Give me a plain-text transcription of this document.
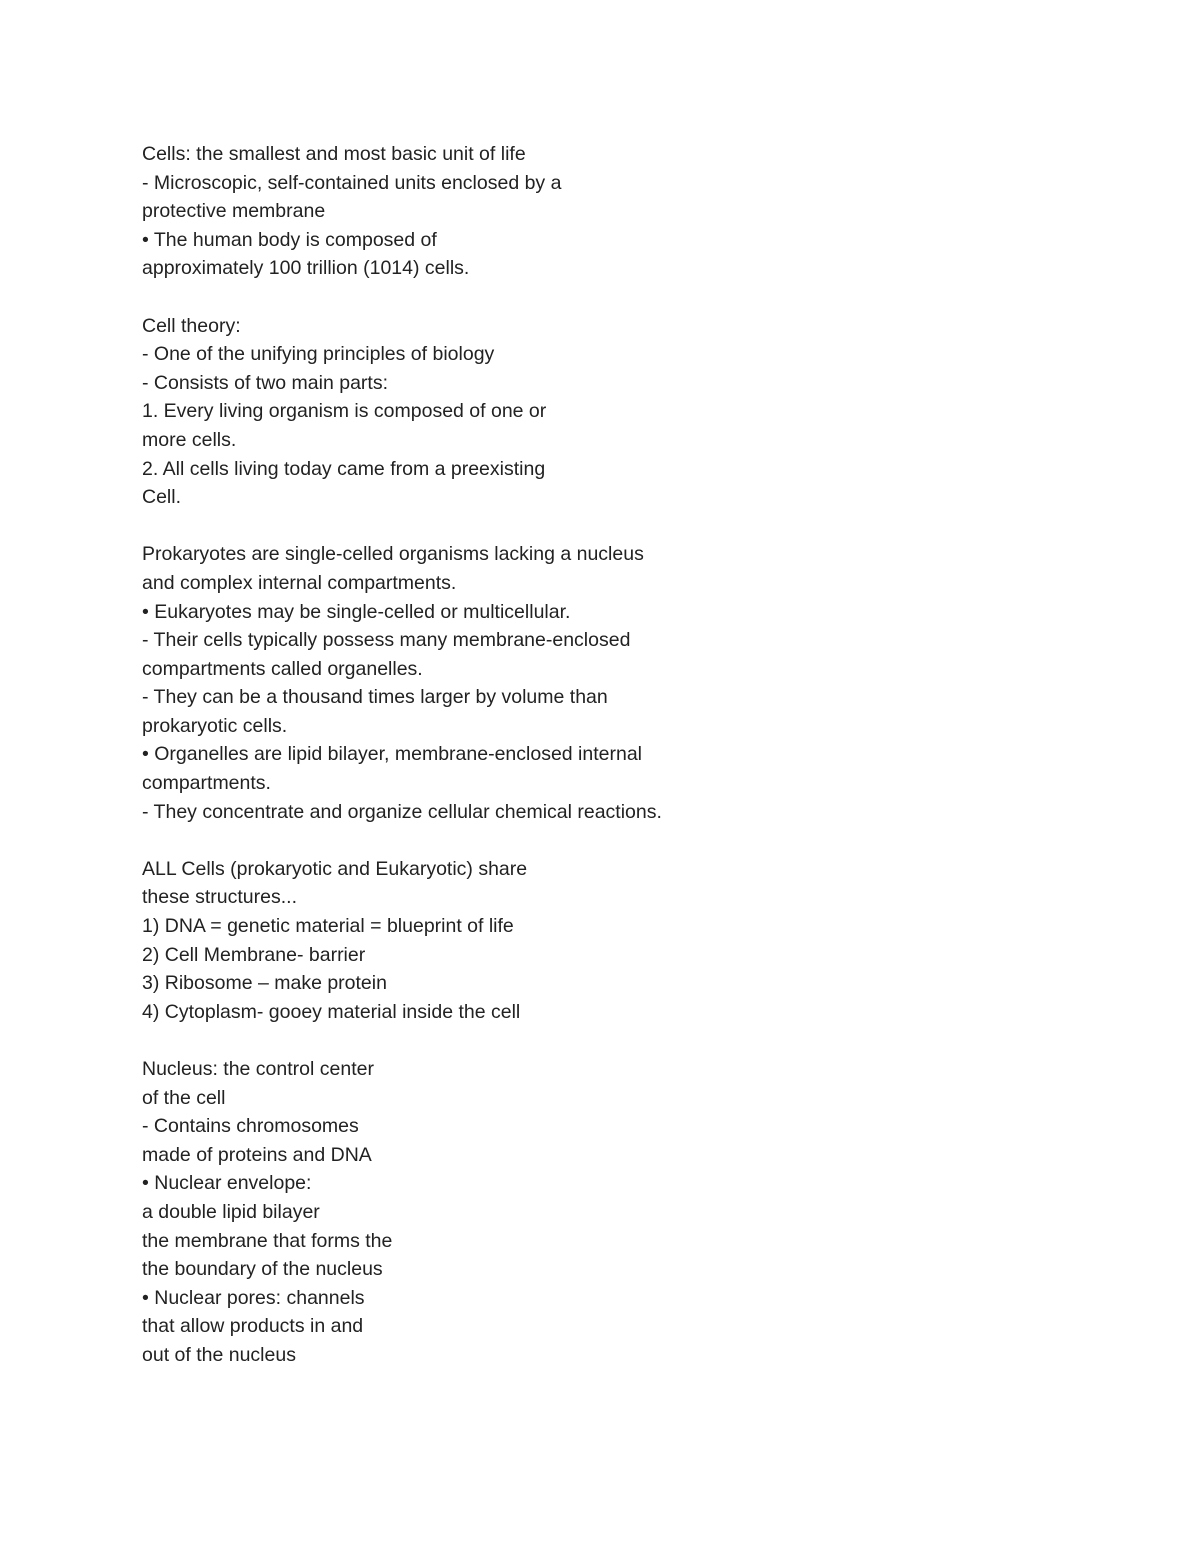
Cells: the smallest and most basic unit of life
- Microscopic, self-contained units enclosed by a
protective membrane
• The human body is composed of
approximately 100 trillion (1014) cells.
Cell theory:
- One of the unifying principles of biology
- Consists of two main parts:
1. Every living organism is composed of one or
more cells.
2. All cells living today came from a preexisting
Cell.
Prokaryotes are single-celled organisms lacking a nucleus
and complex internal compartments.
• Eukaryotes may be single-celled or multicellular.
- Their cells typically possess many membrane-enclosed
compartments called organelles.
- They can be a thousand times larger by volume than
prokaryotic cells.
• Organelles are lipid bilayer, membrane-enclosed internal
compartments.
- They concentrate and organize cellular chemical reactions.
ALL Cells (prokaryotic and Eukaryotic) share
these structures...
1) DNA = genetic material = blueprint of life
2) Cell Membrane- barrier
3) Ribosome – make protein
4) Cytoplasm- gooey material inside the cell
Nucleus: the control center
of the cell
- Contains chromosomes
made of proteins and DNA
• Nuclear envelope:
a double lipid bilayer
the membrane that forms the
the boundary of the nucleus
• Nuclear pores: channels
that allow products in and
out of the nucleus
